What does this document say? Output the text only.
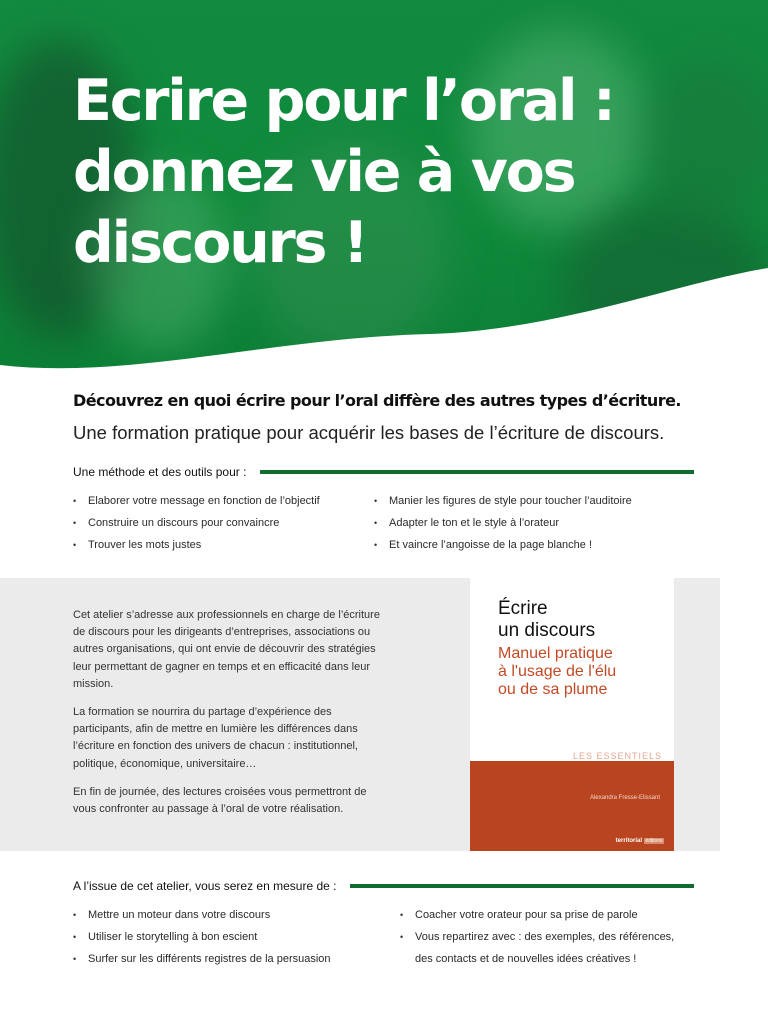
Ecrire pour l’oral :
donnez vie à vos
discours !
Découvrez en quoi écrire pour l’oral diffère des autres types d’écriture.
Une formation pratique pour acquérir les bases de l’écriture de discours.
Une méthode et des outils pour :
• Elaborer votre message en fonction de l’objectif
• Construire un discours pour convaincre
• Trouver les mots justes
• Manier les figures de style pour toucher l’auditoire
• Adapter le ton et le style à l’orateur
• Et vaincre l’angoisse de la page blanche !

Cet atelier s’adresse aux professionnels en charge de l’écriture
de discours pour les dirigeants d’entreprises, associations ou
autres organisations, qui ont envie de découvrir des stratégies
leur permettant de gagner en temps et en efficacité dans leur
mission.

La formation se nourrira du partage d’expérience des
participants, afin de mettre en lumière les différences dans
l’écriture en fonction des univers de chacun : institutionnel,
politique, économique, universitaire…

En fin de journée, des lectures croisées vous permettront de
vous confronter au passage à l’oral de votre réalisation.

Écrire
un discours
Manuel pratique
à l'usage de l'élu
ou de sa plume
LES ESSENTIELS
Alexandra Fresse-Elissant
territorial éditions
A l’issue de cet atelier, vous serez en mesure de :
• Mettre un moteur dans votre discours
• Utiliser le storytelling à bon escient
• Surfer sur les différents registres de la persuasion
• Coacher votre orateur pour sa prise de parole
• Vous repartirez avec : des exemples, des références,
des contacts et de nouvelles idées créatives !
